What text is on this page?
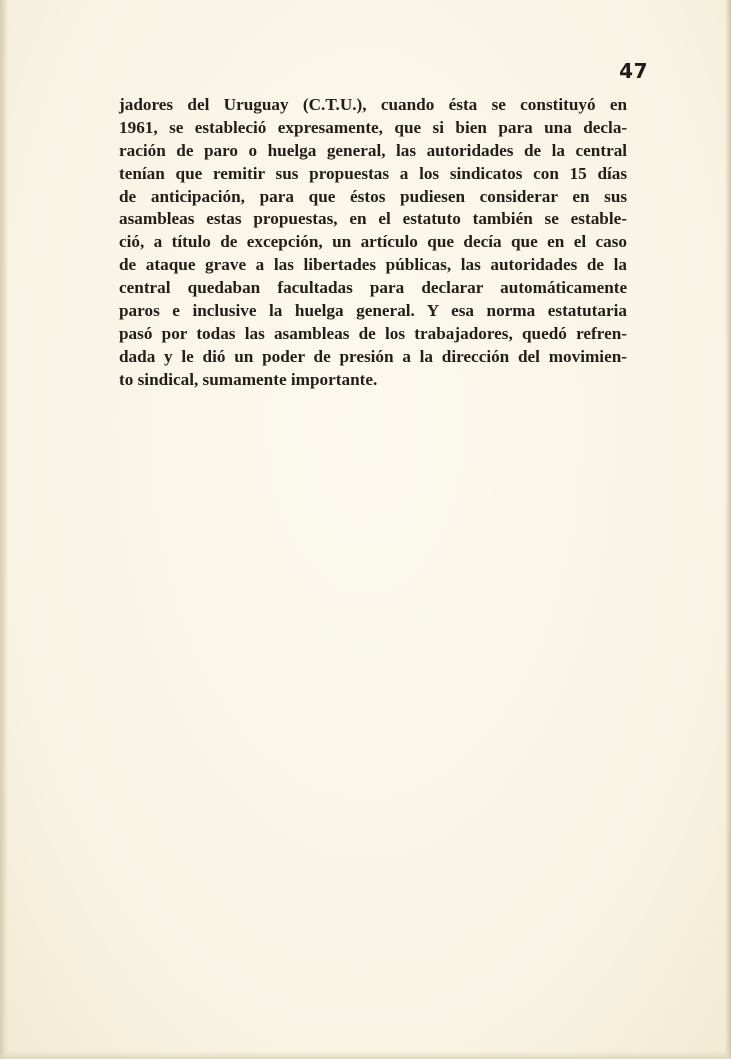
47
jadores del Uruguay (C.T.U.), cuando ésta se constituyó en
1961, se estableció expresamente, que si bien para una decla-
ración de paro o huelga general, las autoridades de la central
tenían que remitir sus propuestas a los sindicatos con 15 días
de anticipación, para que éstos pudiesen considerar en sus
asambleas estas propuestas, en el estatuto también se estable-
ció, a título de excepción, un artículo que decía que en el caso
de ataque grave a las libertades públicas, las autoridades de la
central quedaban facultadas para declarar automáticamente
paros e inclusive la huelga general. Y esa norma estatutaria
pasó por todas las asambleas de los trabajadores, quedó refren-
dada y le dió un poder de presión a la dirección del movimien-
to sindical, sumamente importante.
